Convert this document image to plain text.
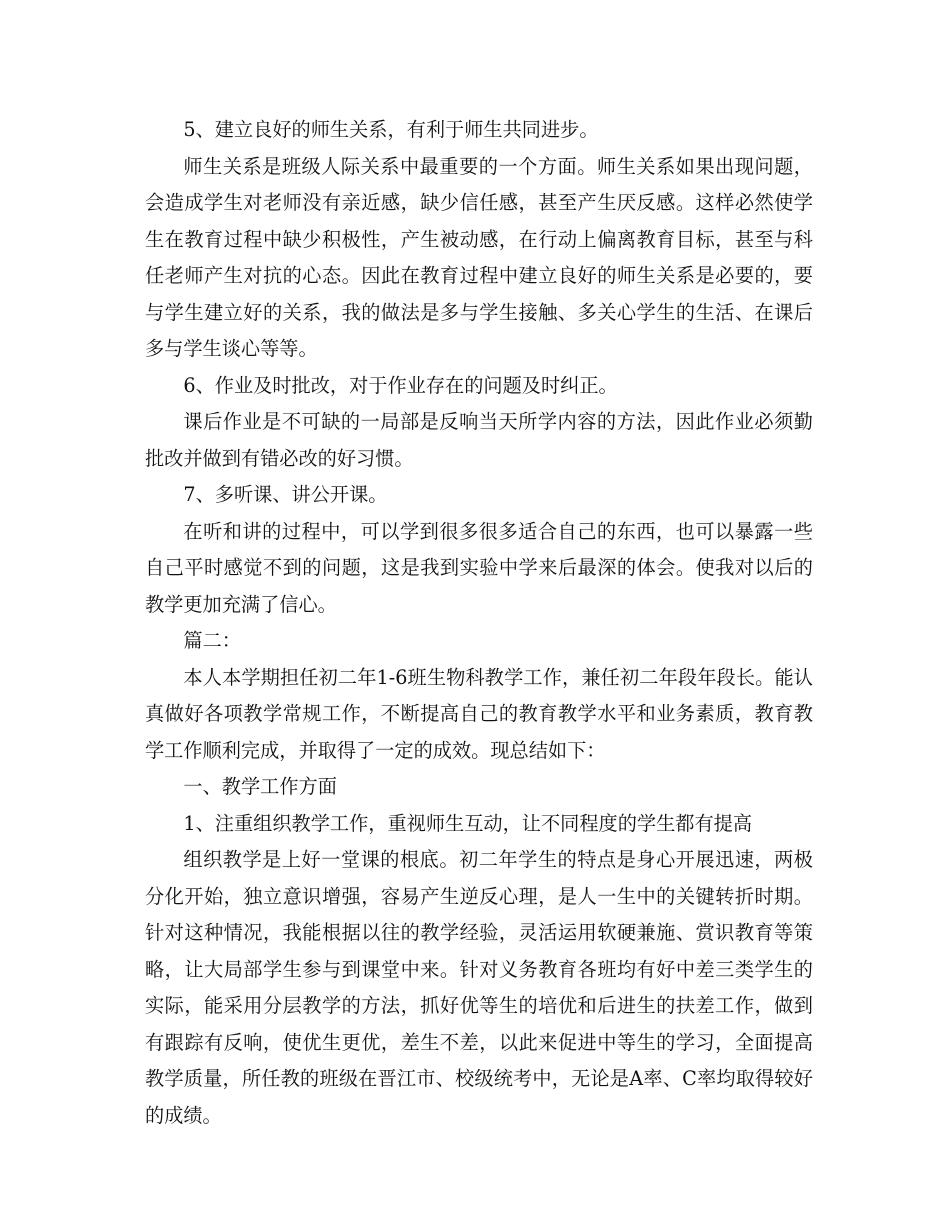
5、建立良好的师生关系，有利于师生共同进步。

师生关系是班级人际关系中最重要的一个方面。师生关系如果出现问题，会造成学生对老师没有亲近感，缺少信任感，甚至产生厌反感。这样必然使学生在教育过程中缺少积极性，产生被动感，在行动上偏离教育目标，甚至与科任老师产生对抗的心态。因此在教育过程中建立良好的师生关系是必要的，要与学生建立好的关系，我的做法是多与学生接触、多关心学生的生活、在课后多与学生谈心等等。

6、作业及时批改，对于作业存在的问题及时纠正。

课后作业是不可缺的一局部是反响当天所学内容的方法，因此作业必须勤批改并做到有错必改的好习惯。

7、多听课、讲公开课。

在听和讲的过程中，可以学到很多很多适合自己的东西，也可以暴露一些自己平时感觉不到的问题，这是我到实验中学来后最深的体会。使我对以后的教学更加充满了信心。

篇二：

本人本学期担任初二年1-6班生物科教学工作，兼任初二年段年段长。能认真做好各项教学常规工作，不断提高自己的教育教学水平和业务素质，教育教学工作顺利完成，并取得了一定的成效。现总结如下：

一、教学工作方面

1、注重组织教学工作，重视师生互动，让不同程度的学生都有提高

组织教学是上好一堂课的根底。初二年学生的特点是身心开展迅速，两极分化开始，独立意识增强，容易产生逆反心理，是人一生中的关键转折时期。针对这种情况，我能根据以往的教学经验，灵活运用软硬兼施、赏识教育等策略，让大局部学生参与到课堂中来。针对义务教育各班均有好中差三类学生的实际，能采用分层教学的方法，抓好优等生的培优和后进生的扶差工作，做到有跟踪有反响，使优生更优，差生不差，以此来促进中等生的学习，全面提高教学质量，所任教的班级在晋江市、校级统考中，无论是A率、C率均取得较好的成绩。
